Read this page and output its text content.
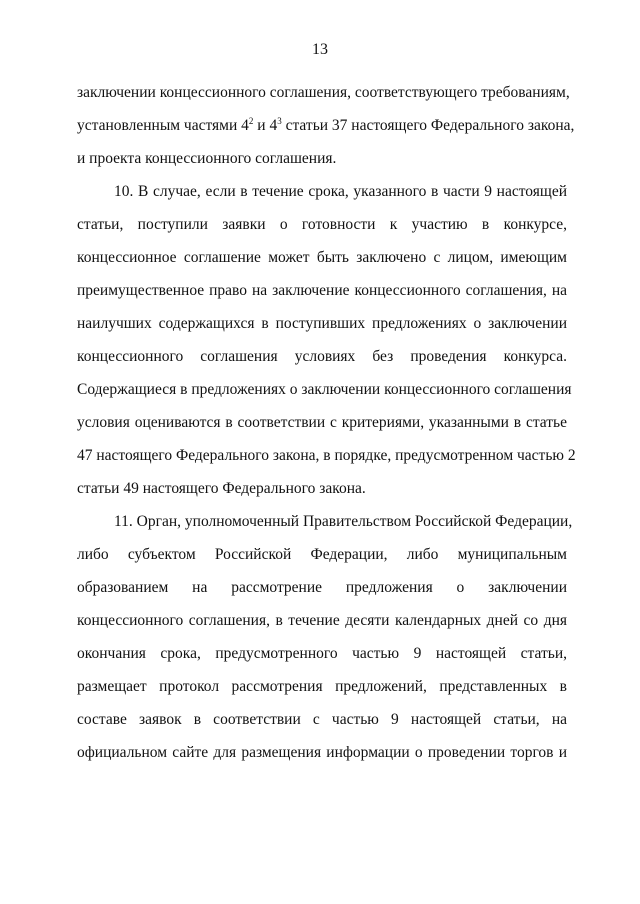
13
заключении концессионного соглашения, соответствующего требованиям,
установленным частями $4^2$ и $4^3$ статьи 37 настоящего Федерального закона,
и проекта концессионного соглашения.
10. В случае, если в течение срока, указанного в части 9 настоящей
статьи, поступили заявки о готовности к участию в конкурсе,
концессионное соглашение может быть заключено с лицом, имеющим
преимущественное право на заключение концессионного соглашения, на
наилучших содержащихся в поступивших предложениях о заключении
концессионного соглашения условиях без проведения конкурса.
Содержащиеся в предложениях о заключении концессионного соглашения
условия оцениваются в соответствии с критериями, указанными в статье
47 настоящего Федерального закона, в порядке, предусмотренном частью 2
статьи 49 настоящего Федерального закона.
11. Орган, уполномоченный Правительством Российской Федерации,
либо субъектом Российской Федерации, либо муниципальным
образованием на рассмотрение предложения о заключении
концессионного соглашения, в течение десяти календарных дней со дня
окончания срока, предусмотренного частью 9 настоящей статьи,
размещает протокол рассмотрения предложений, представленных в
составе заявок в соответствии с частью 9 настоящей статьи, на
официальном сайте для размещения информации о проведении торгов и
